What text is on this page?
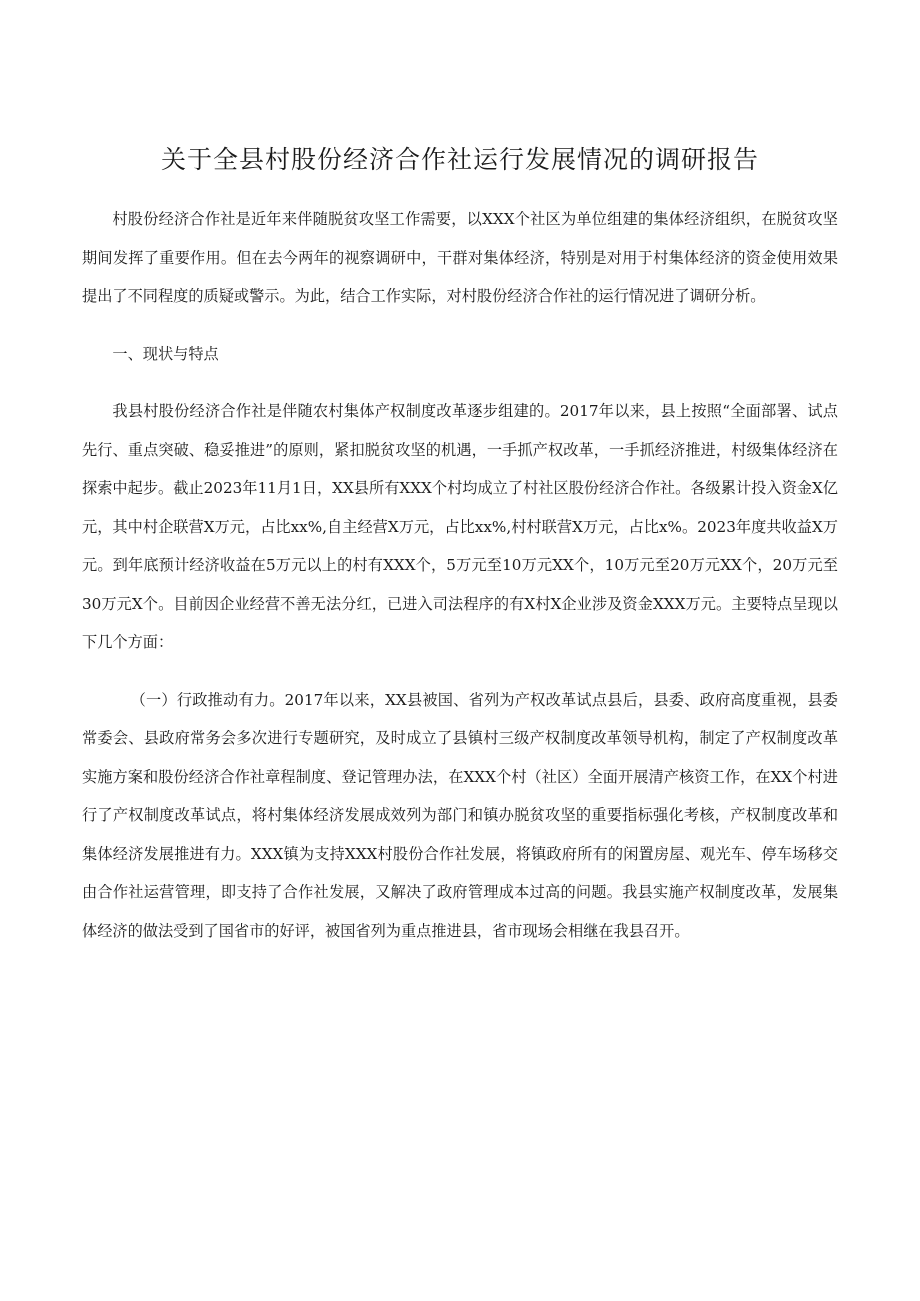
关于全县村股份经济合作社运行发展情况的调研报告

村股份经济合作社是近年来伴随脱贫攻坚工作需要，以XXX个社区为单位组建的集体经济组织，在脱贫攻坚期间发挥了重要作用。但在去今两年的视察调研中，干群对集体经济，特别是对用于村集体经济的资金使用效果提出了不同程度的质疑或警示。为此，结合工作实际，对村股份经济合作社的运行情况进了调研分析。

一、现状与特点

我县村股份经济合作社是伴随农村集体产权制度改革逐步组建的。2017年以来，县上按照“全面部署、试点先行、重点突破、稳妥推进”的原则，紧扣脱贫攻坚的机遇，一手抓产权改革，一手抓经济推进，村级集体经济在探索中起步。截止2023年11月1日，XX县所有XXX个村均成立了村社区股份经济合作社。各级累计投入资金X亿元，其中村企联营X万元，占比xx%,自主经营X万元，占比xx%,村村联营X万元，占比x%。2023年度共收益X万元。到年底预计经济收益在5万元以上的村有XXX个，5万元至10万元XX个，10万元至20万元XX个，20万元至30万元X个。目前因企业经营不善无法分红，已进入司法程序的有X村X企业涉及资金XXX万元。主要特点呈现以下几个方面：

（一）行政推动有力。2017年以来，XX县被国、省列为产权改革试点县后，县委、政府高度重视，县委常委会、县政府常务会多次进行专题研究，及时成立了县镇村三级产权制度改革领导机构，制定了产权制度改革实施方案和股份经济合作社章程制度、登记管理办法，在XXX个村（社区）全面开展清产核资工作，在XX个村进行了产权制度改革试点，将村集体经济发展成效列为部门和镇办脱贫攻坚的重要指标强化考核，产权制度改革和集体经济发展推进有力。XXX镇为支持XXX村股份合作社发展，将镇政府所有的闲置房屋、观光车、停车场移交由合作社运营管理，即支持了合作社发展，又解决了政府管理成本过高的问题。我县实施产权制度改革，发展集体经济的做法受到了国省市的好评，被国省列为重点推进县，省市现场会相继在我县召开。
